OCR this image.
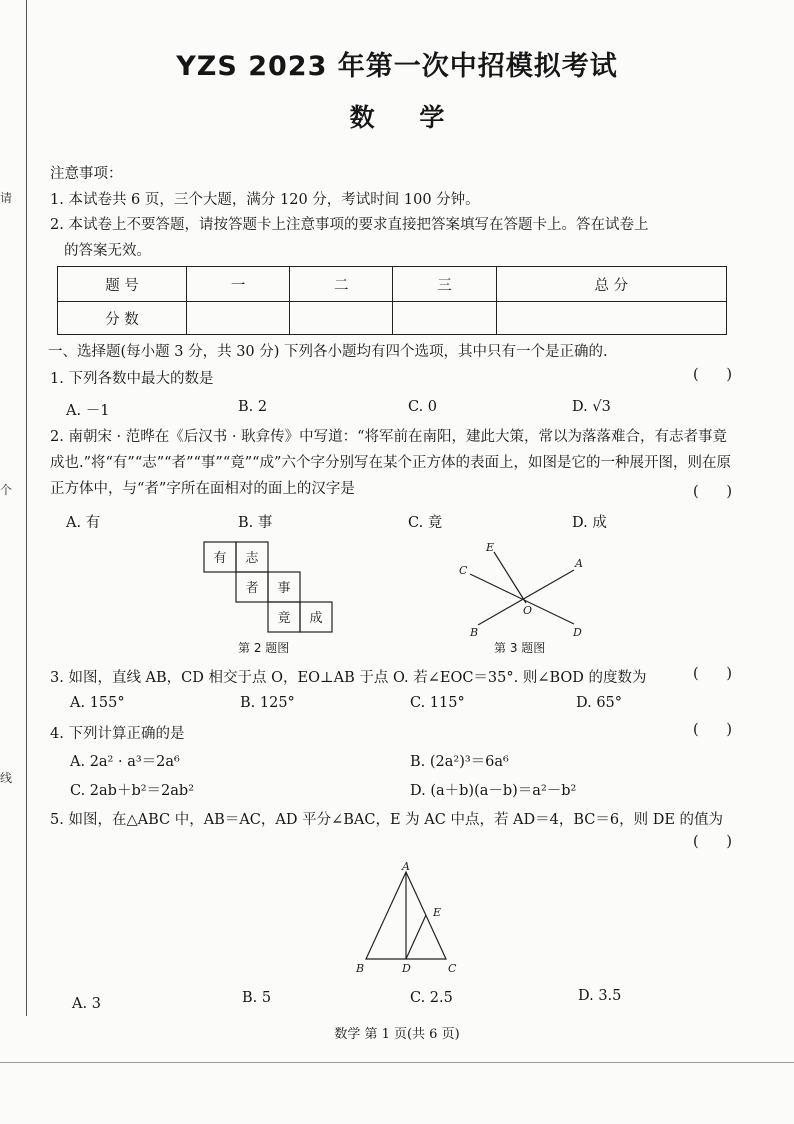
请
个
线
YZS 2023 年第一次中招模拟考试
数 学
注意事项：
1. 本试卷共 6 页，三个大题，满分 120 分，考试时间 100 分钟。
2. 本试卷上不要答题，请按答题卡上注意事项的要求直接把答案填写在答题卡上。答在试卷上
的答案无效。
题 号	一	二	三	总 分
分 数				
一、选择题(每小题 3 分，共 30 分) 下列各小题均有四个选项，其中只有一个是正确的.
1. 下列各数中最大的数是	(      )
A. －1	B. 2	C. 0	D. √3
2. 南朝宋 · 范晔在《后汉书 · 耿弇传》中写道：“将军前在南阳，建此大策，常以为落落难合，有志者事竟成也.”将“有”“志”“者”“事”“竟”“成”六个字分别写在某个正方体的表面上，如图是它的一种展开图，则在原正方体中，与“者”字所在面相对的面上的汉字是	(      )
A. 有	B. 事	C. 竟	D. 成
有 志
者 事
竟 成
第 2 题图
E
C
A
O
B	D
第 3 题图
3. 如图，直线 AB，CD 相交于点 O，EO⊥AB 于点 O. 若∠EOC＝35°. 则∠BOD 的度数为	(      )
A. 155°	B. 125°	C. 115°	D. 65°
4. 下列计算正确的是	(      )
A. 2a² · a³＝2a⁶	B. (2a²)³＝6a⁶
C. 2ab＋b²＝2ab²	D. (a＋b)(a－b)＝a²－b²
5. 如图，在△ABC 中，AB＝AC，AD 平分∠BAC，E 为 AC 中点，若 AD＝4，BC＝6，则 DE 的值为
(      )
A
E
B	D	C
A. 3	B. 5	C. 2.5	D. 3.5
数学 第 1 页(共 6 页)
